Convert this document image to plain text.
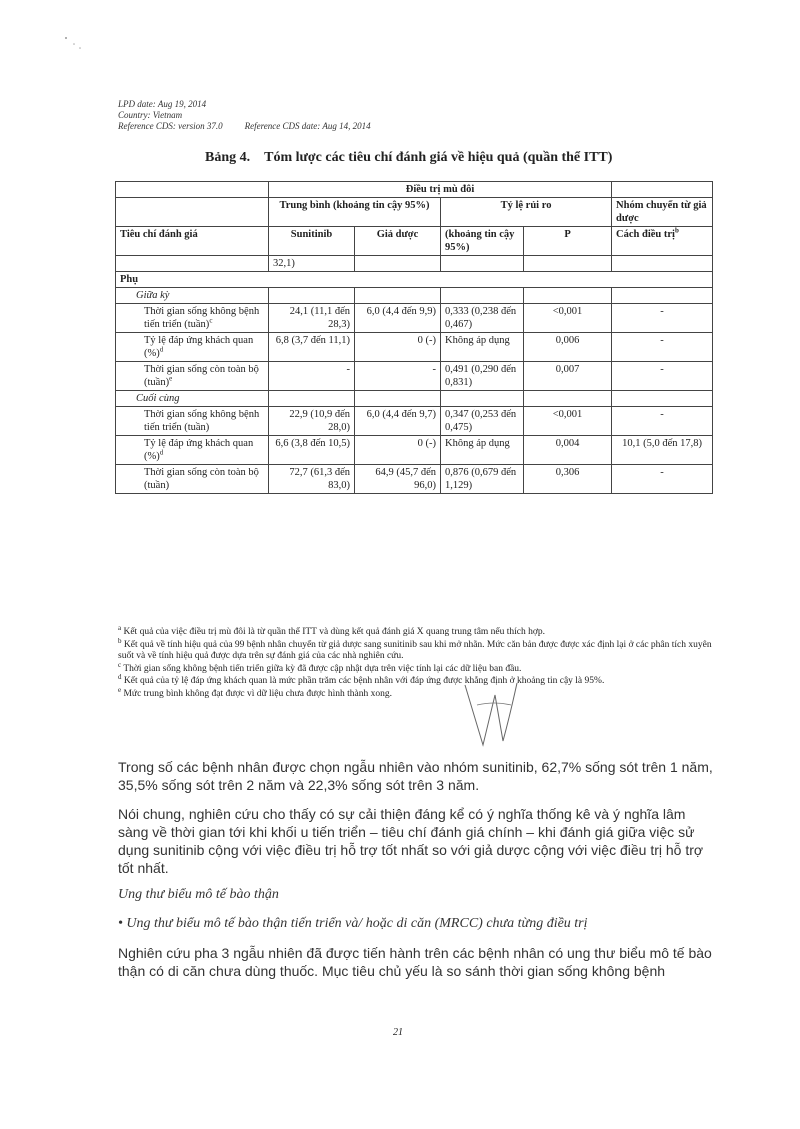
LPD date: Aug 19, 2014
Country: Vietnam
Reference CDS: version 37.0 Reference CDS date: Aug 14, 2014
Bảng 4. Tóm lược các tiêu chí đánh giá về hiệu quả (quần thể ITT)
	Điều trị mù đôi				
	Trung bình (khoảng tin cậy 95%)		Tỷ lệ rủi ro		Nhóm chuyển từ giả dược
Tiêu chí đánh giá	Sunitinib	Giả dược	(khoảng tin cậy 95%)	P	Cách điều trị$^b$
	32,1)				
Phụ					
Giữa kỳ					
Thời gian sống không bệnh tiến triển (tuần)$^c$	24,1 (11,1 đến 28,3)	6,0 (4,4 đến 9,9)	0,333 (0,238 đến 0,467)	<0,001	-
Tỷ lệ đáp ứng khách quan (%)$^d$	6,8 (3,7 đến 11,1)	0 (-)	Không áp dụng	0,006	-
Thời gian sống còn toàn bộ (tuần)$^e$	-	-	0,491 (0,290 đến 0,831)	0,007	-
Cuối cùng					
Thời gian sống không bệnh tiến triển (tuần)	22,9 (10,9 đến 28,0)	6,0 (4,4 đến 9,7)	0,347 (0,253 đến 0,475)	<0,001	-
Tỷ lệ đáp ứng khách quan (%)$^d$	6,6 (3,8 đến 10,5)	0 (-)	Không áp dụng	0,004	10,1 (5,0 đến 17,8)
Thời gian sống còn toàn bộ (tuần)	72,7 (61,3 đến 83,0)	64,9 (45,7 đến 96,0)	0,876 (0,679 đến 1,129)	0,306	-

$^a$ Kết quả của việc điều trị mù đôi là từ quần thể ITT và dùng kết quả đánh giá X quang trung tâm nếu thích hợp.

$^b$ Kết quả về tính hiệu quả của 99 bệnh nhân chuyển từ giả dược sang sunitinib sau khi mở nhãn. Mức căn bản được được xác định lại ở các phân tích xuyên suốt và về tính hiệu quả được dựa trên sự đánh giá của các nhà nghiên cứu.

$^c$ Thời gian sống không bệnh tiến triển giữa kỳ đã được cập nhật dựa trên việc tính lại các dữ liệu ban đầu.

$^d$ Kết quả của tỷ lệ đáp ứng khách quan là mức phần trăm các bệnh nhân với đáp ứng được khẳng định ở khoảng tin cậy là 95%.

$^e$ Mức trung bình không đạt được vì dữ liệu chưa được hình thành xong.

Trong số các bệnh nhân được chọn ngẫu nhiên vào nhóm sunitinib, 62,7% sống sót trên 1 năm, 35,5% sống sót trên 2 năm và 22,3% sống sót trên 3 năm.
Nói chung, nghiên cứu cho thấy có sự cải thiện đáng kể có ý nghĩa thống kê và ý nghĩa lâm sàng về thời gian tới khi khối u tiến triển – tiêu chí đánh giá chính – khi đánh giá giữa việc sử dụng sunitinib cộng với việc điều trị hỗ trợ tốt nhất so với giả dược cộng với việc điều trị hỗ trợ tốt nhất.
Ung thư biểu mô tế bào thận
• Ung thư biểu mô tế bào thận tiến triển và/ hoặc di căn (MRCC) chưa từng điều trị
Nghiên cứu pha 3 ngẫu nhiên đã được tiến hành trên các bệnh nhân có ung thư biểu mô tế bào thận có di căn chưa dùng thuốc. Mục tiêu chủ yếu là so sánh thời gian sống không bệnh
21
